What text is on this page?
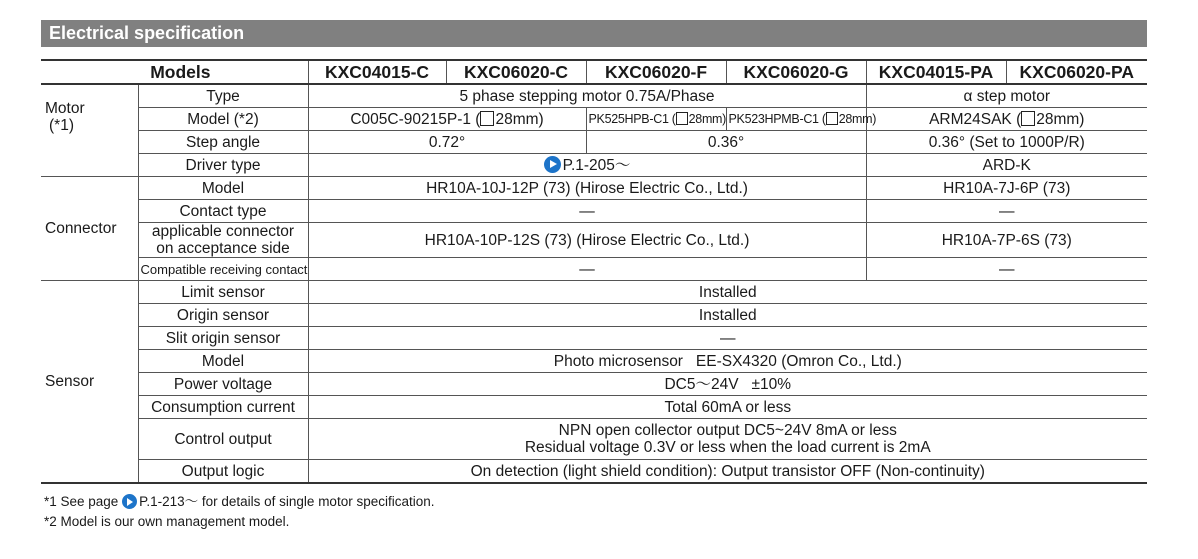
Electrical specification
Models		KXC04015-C	KXC06020-C	KXC06020-F	KXC06020-G	KXC04015-PA	KXC06020-PA

Motor
(*1)	Type	5 phase stepping motor 0.75A/Phase				α step motor	
	Model (*2)	C005C-90215P-1 ( 28mm)		PK525HPB-C1 ( 28mm)	PK523HPMB-C1 ( 28mm)	ARM24SAK ( 28mm)	
	Step angle	0.72°		0.36°		0.36° (Set to 1000P/R)	
	Driver type	P.1-205～				ARD-K	
Connector	Model	HR10A-10J-12P (73) (Hirose Electric Co., Ltd.)				HR10A-7J-6P (73)	
	Contact type	—				—	

	applicable connector
on acceptance side	HR10A-10P-12S (73) (Hirose Electric Co., Ltd.)				HR10A-7P-6S (73)	
	Compatible receiving contact	—				—	
Sensor	Limit sensor	Installed					
	Origin sensor	Installed					
	Slit origin sensor	—					
	Model	Photo microsensor   EE-SX4320 (Omron Co., Ltd.)					
	Power voltage	DC5～24V   ±10%					
	Consumption current	Total 60mA or less					
	Control output	NPN open collector output DC5~24V 8mA or less
Residual voltage 0.3V or less when the load current is 2mA					

	Output logic	On detection (light shield condition): Output transistor OFF (Non-continuity)					
*1 See page P.1-213～ for details of single motor specification.
*2 Model is our own management model.
